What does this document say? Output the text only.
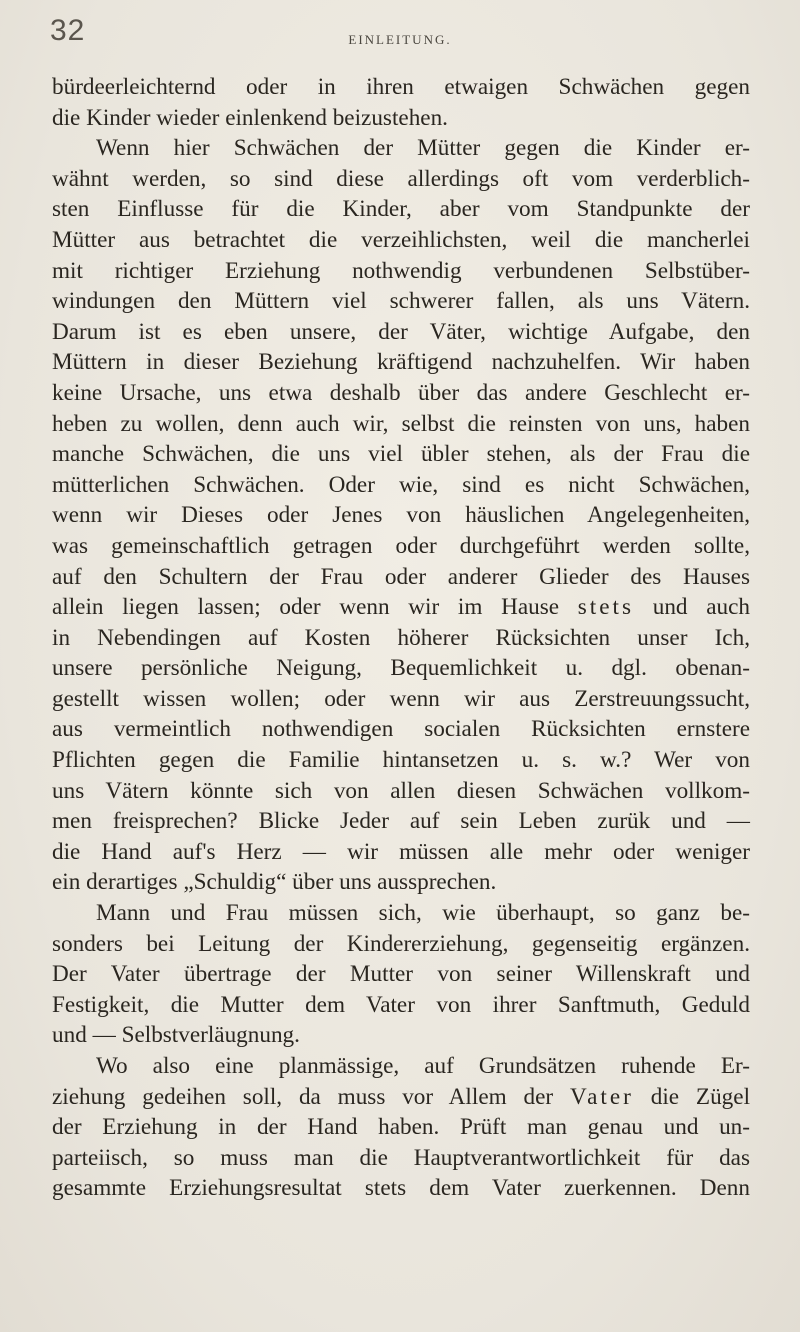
32	EINLEITUNG.
bürdeerleichternd oder in ihren etwaigen Schwächen gegen
die Kinder wieder einlenkend beizustehen.
Wenn hier Schwächen der Mütter gegen die Kinder er-
wähnt werden, so sind diese allerdings oft vom verderblich-
sten Einflusse für die Kinder, aber vom Standpunkte der
Mütter aus betrachtet die verzeihlichsten, weil die mancherlei
mit richtiger Erziehung nothwendig verbundenen Selbstüber-
windungen den Müttern viel schwerer fallen, als uns Vätern.
Darum ist es eben unsere, der Väter, wichtige Aufgabe, den
Müttern in dieser Beziehung kräftigend nachzuhelfen. Wir haben
keine Ursache, uns etwa deshalb über das andere Geschlecht er-
heben zu wollen, denn auch wir, selbst die reinsten von uns, haben
manche Schwächen, die uns viel übler stehen, als der Frau die
mütterlichen Schwächen. Oder wie, sind es nicht Schwächen,
wenn wir Dieses oder Jenes von häuslichen Angelegenheiten,
was gemeinschaftlich getragen oder durchgeführt werden sollte,
auf den Schultern der Frau oder anderer Glieder des Hauses
allein liegen lassen; oder wenn wir im Hause stets und auch
in Nebendingen auf Kosten höherer Rücksichten unser Ich,
unsere persönliche Neigung, Bequemlichkeit u. dgl. obenan-
gestellt wissen wollen; oder wenn wir aus Zerstreuungssucht,
aus vermeintlich nothwendigen socialen Rücksichten ernstere
Pflichten gegen die Familie hintansetzen u. s. w.? Wer von
uns Vätern könnte sich von allen diesen Schwächen vollkom-
men freisprechen? Blicke Jeder auf sein Leben zurük und —
die Hand auf's Herz — wir müssen alle mehr oder weniger
ein derartiges „Schuldig“ über uns aussprechen.
Mann und Frau müssen sich, wie überhaupt, so ganz be-
sonders bei Leitung der Kindererziehung, gegenseitig ergänzen.
Der Vater übertrage der Mutter von seiner Willenskraft und
Festigkeit, die Mutter dem Vater von ihrer Sanftmuth, Geduld
und — Selbstverläugnung.
Wo also eine planmässige, auf Grundsätzen ruhende Er-
ziehung gedeihen soll, da muss vor Allem der Vater die Zügel
der Erziehung in der Hand haben. Prüft man genau und un-
parteiisch, so muss man die Hauptverantwortlichkeit für das
gesammte Erziehungsresultat stets dem Vater zuerkennen. Denn
